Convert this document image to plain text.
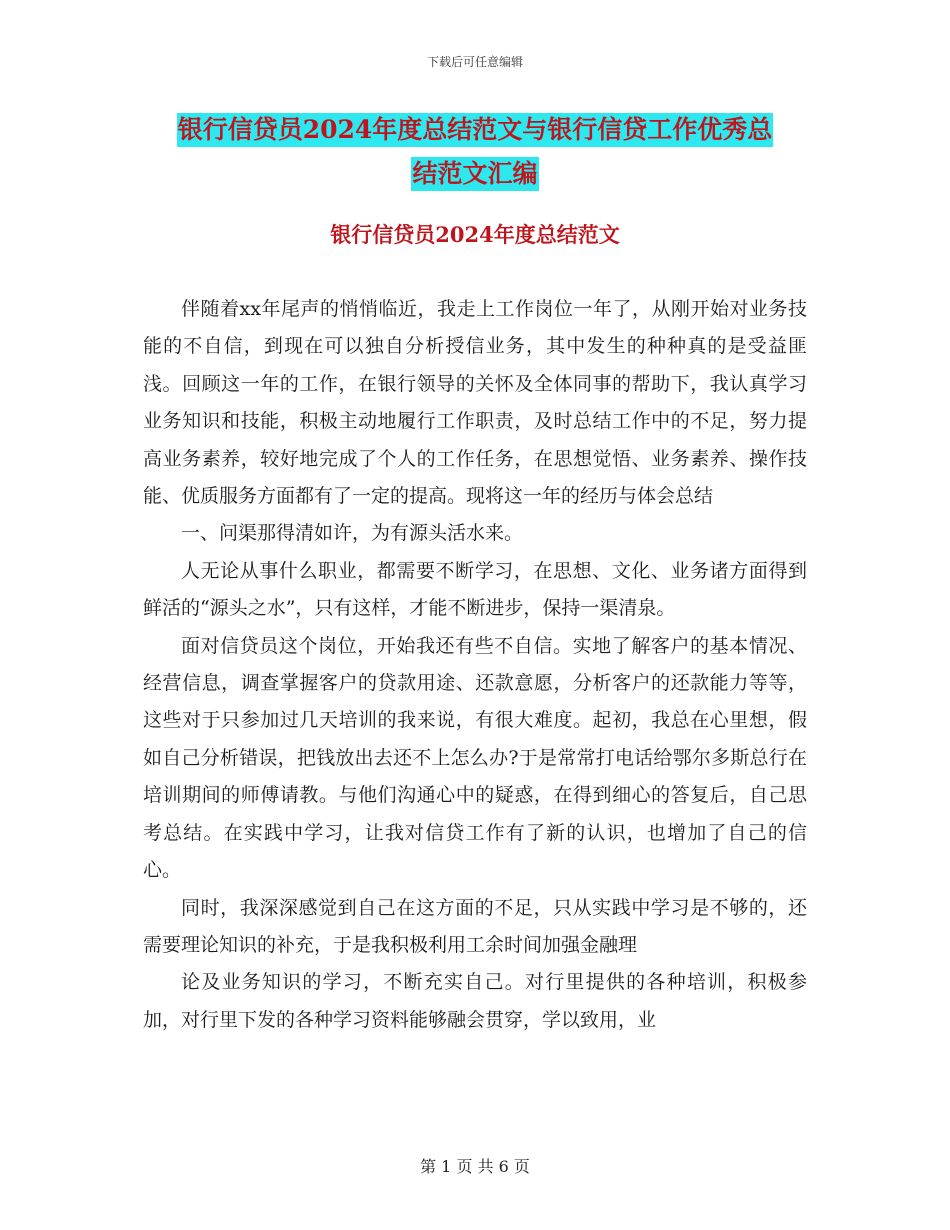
下载后可任意编辑
银行信贷员2024年度总结范文与银行信贷工作优秀总
结范文汇编
银行信贷员2024年度总结范文

伴随着xx年尾声的悄悄临近，我走上工作岗位一年了，从刚开始对业务技能的不自信，到现在可以独自分析授信业务，其中发生的种种真的是受益匪浅。回顾这一年的工作，在银行领导的关怀及全体同事的帮助下，我认真学习业务知识和技能，积极主动地履行工作职责，及时总结工作中的不足，努力提高业务素养，较好地完成了个人的工作任务，在思想觉悟、业务素养、操作技能、优质服务方面都有了一定的提高。现将这一年的经历与体会总结

一、问渠那得清如许，为有源头活水来。

人无论从事什么职业，都需要不断学习，在思想、文化、业务诸方面得到鲜活的“源头之水”，只有这样，才能不断进步，保持一渠清泉。

面对信贷员这个岗位，开始我还有些不自信。实地了解客户的基本情况、经营信息，调查掌握客户的贷款用途、还款意愿，分析客户的还款能力等等，这些对于只参加过几天培训的我来说，有很大难度。起初，我总在心里想，假如自己分析错误，把钱放出去还不上怎么办?于是常常打电话给鄂尔多斯总行在培训期间的师傅请教。与他们沟通心中的疑惑，在得到细心的答复后，自己思考总结。在实践中学习，让我对信贷工作有了新的认识，也增加了自己的信心。

同时，我深深感觉到自己在这方面的不足，只从实践中学习是不够的，还需要理论知识的补充，于是我积极利用工余时间加强金融理

论及业务知识的学习，不断充实自己。对行里提供的各种培训，积极参加，对行里下发的各种学习资料能够融会贯穿，学以致用，业

第 1 页 共 6 页
